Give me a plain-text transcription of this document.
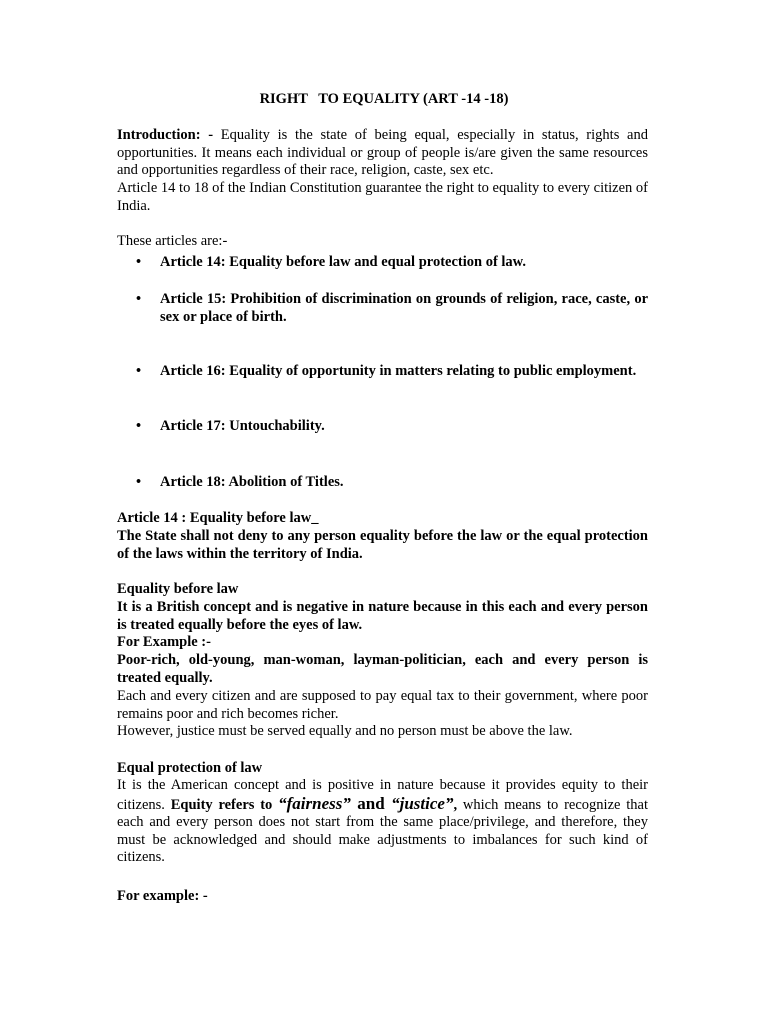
RIGHT   TO EQUALITY (ART -14 -18)

Introduction: - Equality is the state of being equal, especially in status, rights and opportunities. It means each individual or group of people is/are given the same resources and opportunities regardless of their race, religion, caste, sex etc.

Article 14 to 18 of the Indian Constitution guarantee the right to equality to every citizen of India.

These articles are:-

• Article 14: Equality before law and equal protection of law.

• Article 15: Prohibition of discrimination on grounds of religion, race, caste, or sex or place of birth.

• Article 16: Equality of opportunity in matters relating to public employment.

• Article 17: Untouchability.

• Article 18: Abolition of Titles.

Article 14 : Equality before law_

The State shall not deny to any person equality before the law or the equal protection of the laws within the territory of India.

Equality before law

It is a British concept and is negative in nature because in this each and every person is treated equally before the eyes of law.

For Example :-

Poor-rich, old-young, man-woman, layman-politician, each and every person is treated equally.

Each and every citizen and are supposed to pay equal tax to their government, where poor remains poor and rich becomes richer.

However, justice must be served equally and no person must be above the law.

Equal protection of law

It is the American concept and is positive in nature because it provides equity to their citizens. Equity refers to “fairness” and “justice”, which means to recognize that each and every person does not start from the same place/privilege, and therefore, they must be acknowledged and should make adjustments to imbalances for such kind of citizens.

For example: -
